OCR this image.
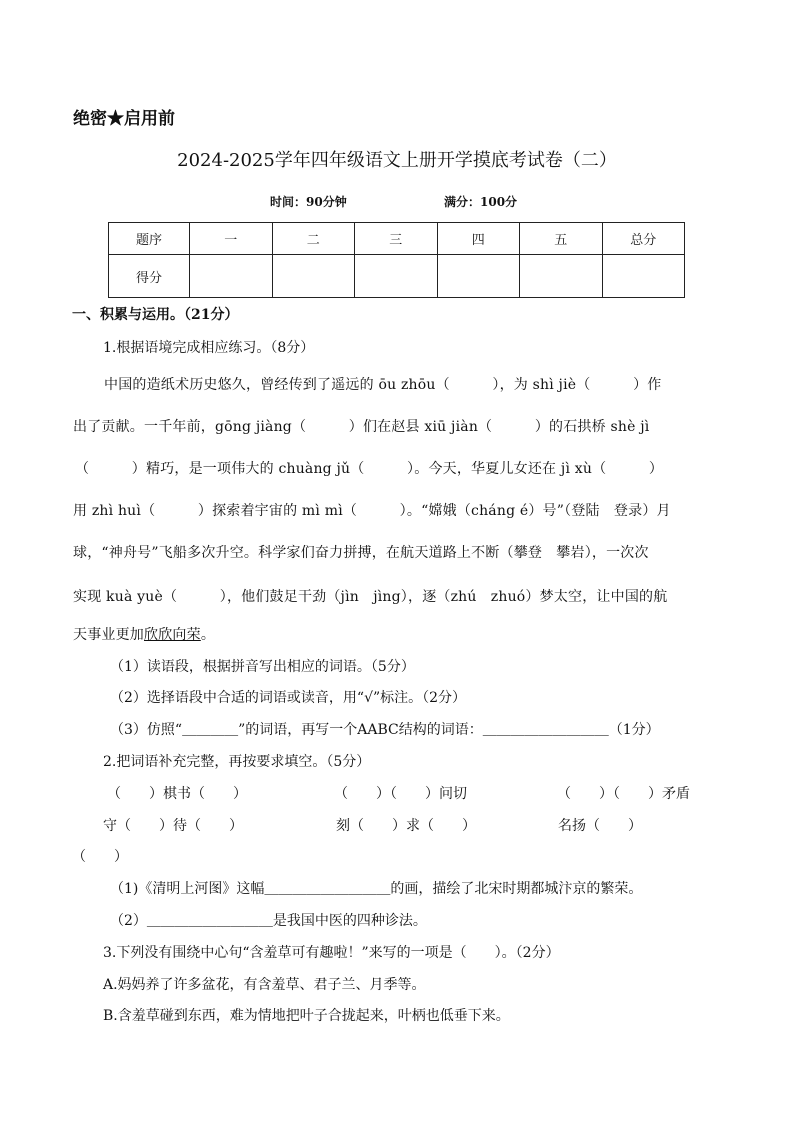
绝密★启用前
2024-2025学年四年级语文上册开学摸底考试卷（二）
时间：90分钟	满分：100分
题序	一	二	三	四	五	总分
得分						
一、积累与运用。（21分）
1.根据语境完成相应练习。（8分）
中国的造纸术历史悠久，曾经传到了遥远的 ōu zhōu（　　　），为 shì jiè（　　　）作
出了贡献。一千年前，gōng jiàng（　　　）们在赵县 xiū jiàn（　　　）的石拱桥 shè jì
（　　　）精巧，是一项伟大的 chuàng jǔ（　　　）。今天，华夏儿女还在 jì xù（　　　）
用 zhì huì（　　　）探索着宇宙的 mì mì（　　　）。“嫦娥（cháng é）号”（登陆　登录）月
球，“神舟号”飞船多次升空。科学家们奋力拼搏，在航天道路上不断（攀登　攀岩），一次次
实现 kuà yuè（　　　），他们鼓足干劲（jìn　jìng），逐（zhú　zhuó）梦太空，让中国的航
天事业更加欣欣向荣。
（1）读语段，根据拼音写出相应的词语。（5分）
（2）选择语段中合适的词语或读音，用“√”标注。（2分）
（3）仿照“＿＿＿＿”的词语，再写一个AABC结构的词语：＿＿＿＿＿＿＿＿＿（1分）
2.把词语补充完整，再按要求填空。（5分）
（　　）棋书（　　）	（　　）（　　）问切	（　　）（　　）矛盾
守（　　）待（　　）	刻（　　）求（　　）	名扬（　　）
（　　）
（1)《清明上河图》这幅＿＿＿＿＿＿＿＿＿的画，描绘了北宋时期都城汴京的繁荣。
（2）＿＿＿＿＿＿＿＿＿是我国中医的四种诊法。
3.下列没有围绕中心句“含羞草可有趣啦！”来写的一项是（　　）。（2分）
A.妈妈养了许多盆花，有含羞草、君子兰、月季等。
B.含羞草碰到东西，难为情地把叶子合拢起来，叶柄也低垂下来。
